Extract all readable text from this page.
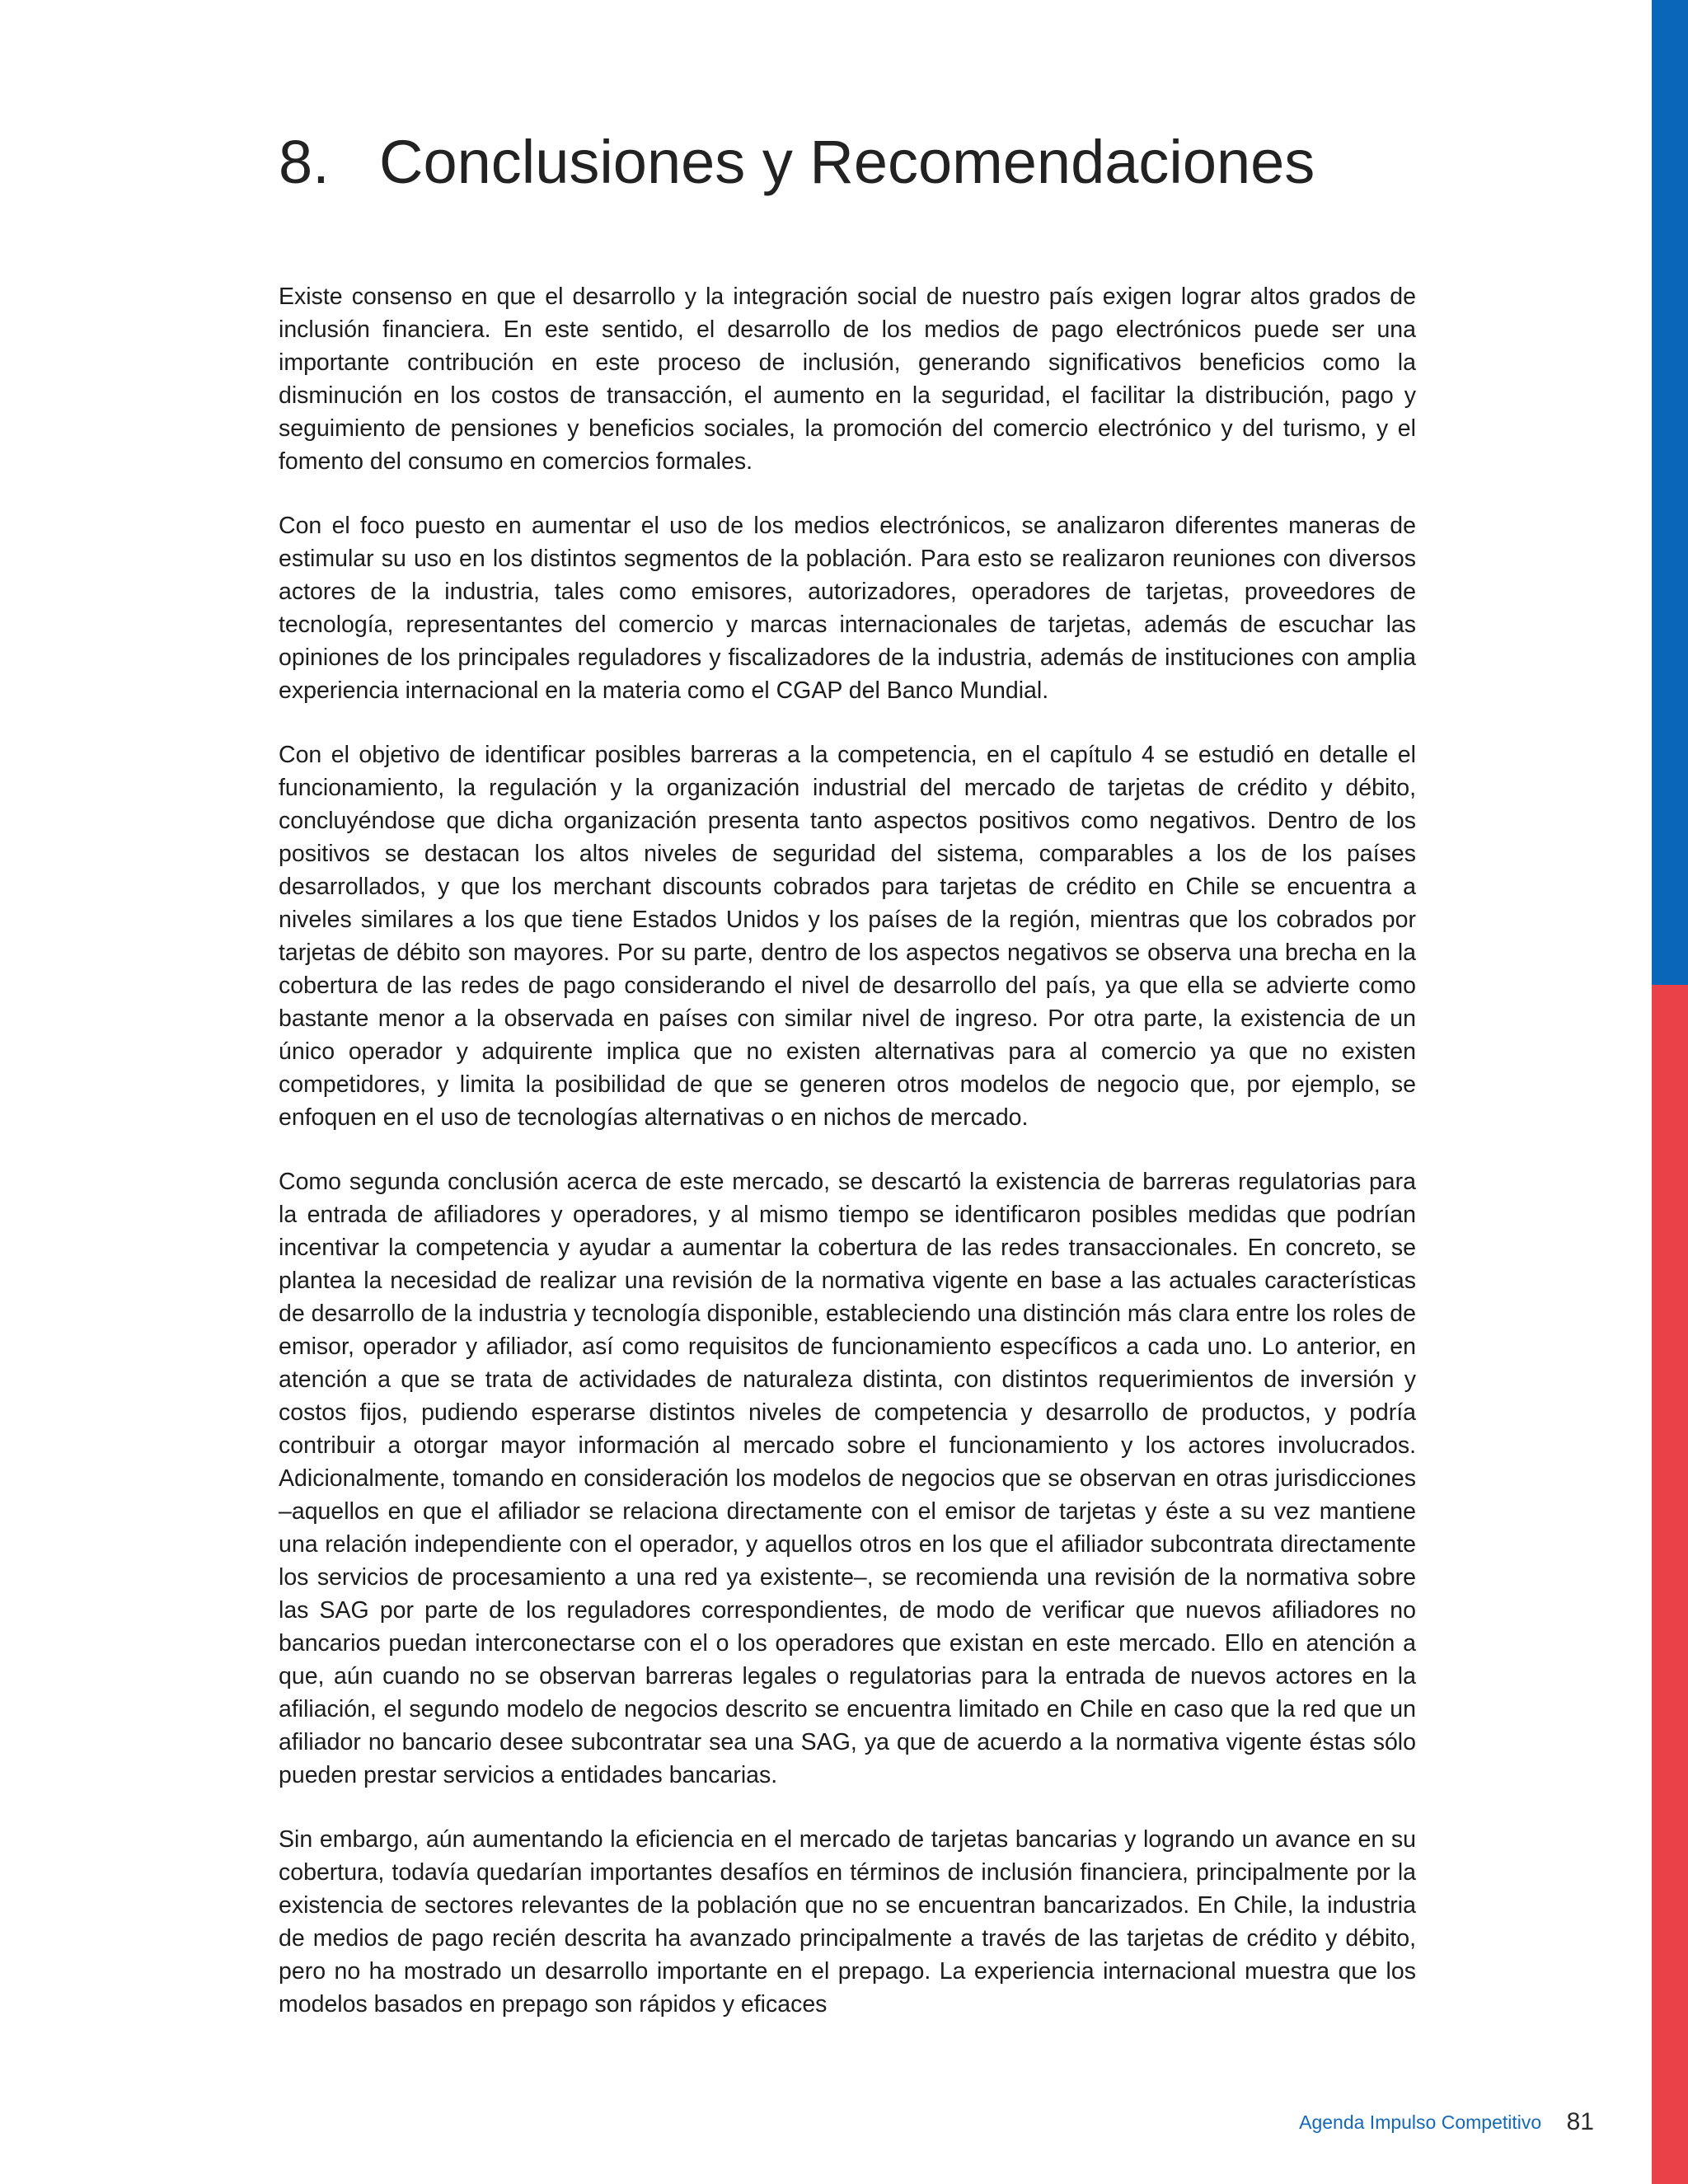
8. Conclusiones y Recomendaciones

Existe consenso en que el desarrollo y la integración social de nuestro país exigen lograr altos grados de inclusión financiera. En este sentido, el desarrollo de los medios de pago electrónicos puede ser una importante contribución en este proceso de inclusión, generando significativos beneficios como la disminución en los costos de transacción, el aumento en la seguridad, el facilitar la distribución, pago y seguimiento de pensiones y beneficios sociales, la promoción del comercio electrónico y del turismo, y el fomento del consumo en comercios formales.

Con el foco puesto en aumentar el uso de los medios electrónicos, se analizaron diferentes maneras de estimular su uso en los distintos segmentos de la población. Para esto se realizaron reuniones con diversos actores de la industria, tales como emisores, autorizadores, operadores de tarjetas, proveedores de tecnología, representantes del comercio y marcas internacionales de tarjetas, además de escuchar las opiniones de los principales reguladores y fiscalizadores de la industria, además de instituciones con amplia experiencia internacional en la materia como el CGAP del Banco Mundial.

Con el objetivo de identificar posibles barreras a la competencia, en el capítulo 4 se estudió en detalle el funcionamiento, la regulación y la organización industrial del mercado de tarjetas de crédito y débito, concluyéndose que dicha organización presenta tanto aspectos positivos como negativos. Dentro de los positivos se destacan los altos niveles de seguridad del sistema, comparables a los de los países desarrollados, y que los merchant discounts cobrados para tarjetas de crédito en Chile se encuentra a niveles similares a los que tiene Estados Unidos y los países de la región, mientras que los cobrados por tarjetas de débito son mayores. Por su parte, dentro de los aspectos negativos se observa una brecha en la cobertura de las redes de pago considerando el nivel de desarrollo del país, ya que ella se advierte como bastante menor a la observada en países con similar nivel de ingreso. Por otra parte, la existencia de un único operador y adquirente implica que no existen alternativas para al comercio ya que no existen competidores, y limita la posibilidad de que se generen otros modelos de negocio que, por ejemplo, se enfoquen en el uso de tecnologías alternativas o en nichos de mercado.

Como segunda conclusión acerca de este mercado, se descartó la existencia de barreras regulatorias para la entrada de afiliadores y operadores, y al mismo tiempo se identificaron posibles medidas que podrían incentivar la competencia y ayudar a aumentar la cobertura de las redes transaccionales. En concreto, se plantea la necesidad de realizar una revisión de la normativa vigente en base a las actuales características de desarrollo de la industria y tecnología disponible, estableciendo una distinción más clara entre los roles de emisor, operador y afiliador, así como requisitos de funcionamiento específicos a cada uno. Lo anterior, en atención a que se trata de actividades de naturaleza distinta, con distintos requerimientos de inversión y costos fijos, pudiendo esperarse distintos niveles de competencia y desarrollo de productos, y podría contribuir a otorgar mayor información al mercado sobre el funcionamiento y los actores involucrados. Adicionalmente, tomando en consideración los modelos de negocios que se observan en otras jurisdicciones –aquellos en que el afiliador se relaciona directamente con el emisor de tarjetas y éste a su vez mantiene una relación independiente con el operador, y aquellos otros en los que el afiliador subcontrata directamente los servicios de procesamiento a una red ya existente–, se recomienda una revisión de la normativa sobre las SAG por parte de los reguladores correspondientes, de modo de verificar que nuevos afiliadores no bancarios puedan interconectarse con el o los operadores que existan en este mercado. Ello en atención a que, aún cuando no se observan barreras legales o regulatorias para la entrada de nuevos actores en la afiliación, el segundo modelo de negocios descrito se encuentra limitado en Chile en caso que la red que un afiliador no bancario desee subcontratar sea una SAG, ya que de acuerdo a la normativa vigente éstas sólo pueden prestar servicios a entidades bancarias.

Sin embargo, aún aumentando la eficiencia en el mercado de tarjetas bancarias y logrando un avance en su cobertura, todavía quedarían importantes desafíos en términos de inclusión financiera, principalmente por la existencia de sectores relevantes de la población que no se encuentran bancarizados. En Chile, la industria de medios de pago recién descrita ha avanzado principalmente a través de las tarjetas de crédito y débito, pero no ha mostrado un desarrollo importante en el prepago. La experiencia internacional muestra que los modelos basados en prepago son rápidos y eficaces

Agenda Impulso Competitivo 81
